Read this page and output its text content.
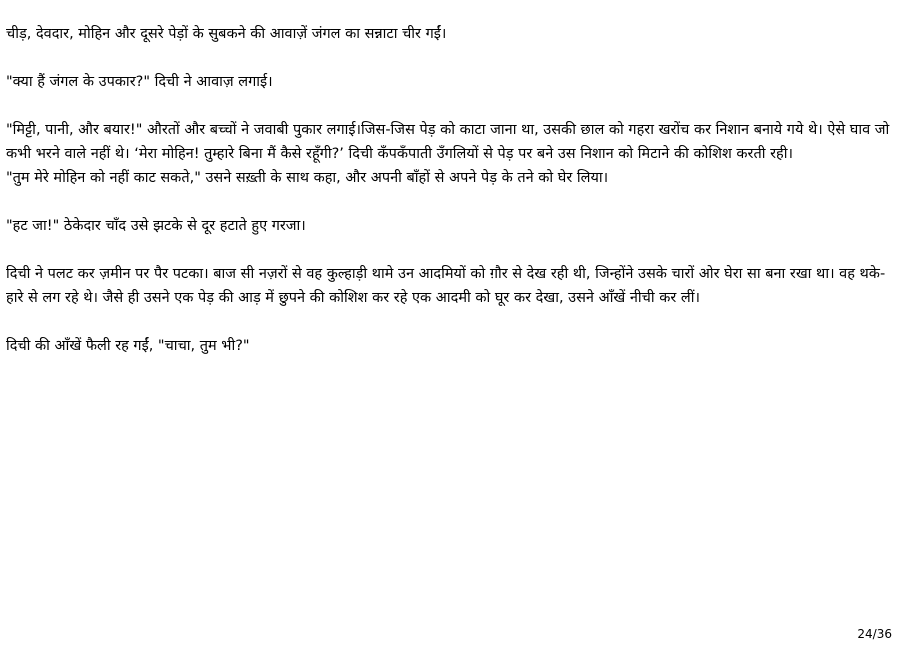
चीड़, देवदार, मोहिन और दूसरे पेड़ों के सुबकने की आवाज़ें जंगल का सन्नाटा चीर गईं।

"क्या हैं जंगल के उपकार?" दिची ने आवाज़ लगाई।

"मिट्टी, पानी, और बयार!" औरतों और बच्चों ने जवाबी पुकार लगाई।जिस-जिस पेड़ को काटा जाना था, उसकी छाल को गहरा खरोंच कर निशान बनाये गये थे। ऐसे घाव जो कभी भरने वाले नहीं थे। ‘मेरा मोहिन! तुम्हारे बिना मैं कैसे रहूँगी?’ दिची कँपकँपाती उँगलियों से पेड़ पर बने उस निशान को मिटाने की कोशिश करती रही।

"तुम मेरे मोहिन को नहीं काट सकते," उसने सख़्ती के साथ कहा, और अपनी बाँहों से अपने पेड़ के तने को घेर लिया।

"हट जा!" ठेकेदार चाँद उसे झटके से दूर हटाते हुए गरजा।

दिची ने पलट कर ज़मीन पर पैर पटका। बाज सी नज़रों से वह कुल्हाड़ी थामे उन आदमियों को ग़ौर से देख रही थी, जिन्होंने उसके चारों ओर घेरा सा बना रखा था। वह थके-हारे से लग रहे थे। जैसे ही उसने एक पेड़ की आड़ में छुपने की कोशिश कर रहे एक आदमी को घूर कर देखा, उसने आँखें नीची कर लीं।

दिची की आँखें फैली रह गईं, "चाचा, तुम भी?"

24/36
